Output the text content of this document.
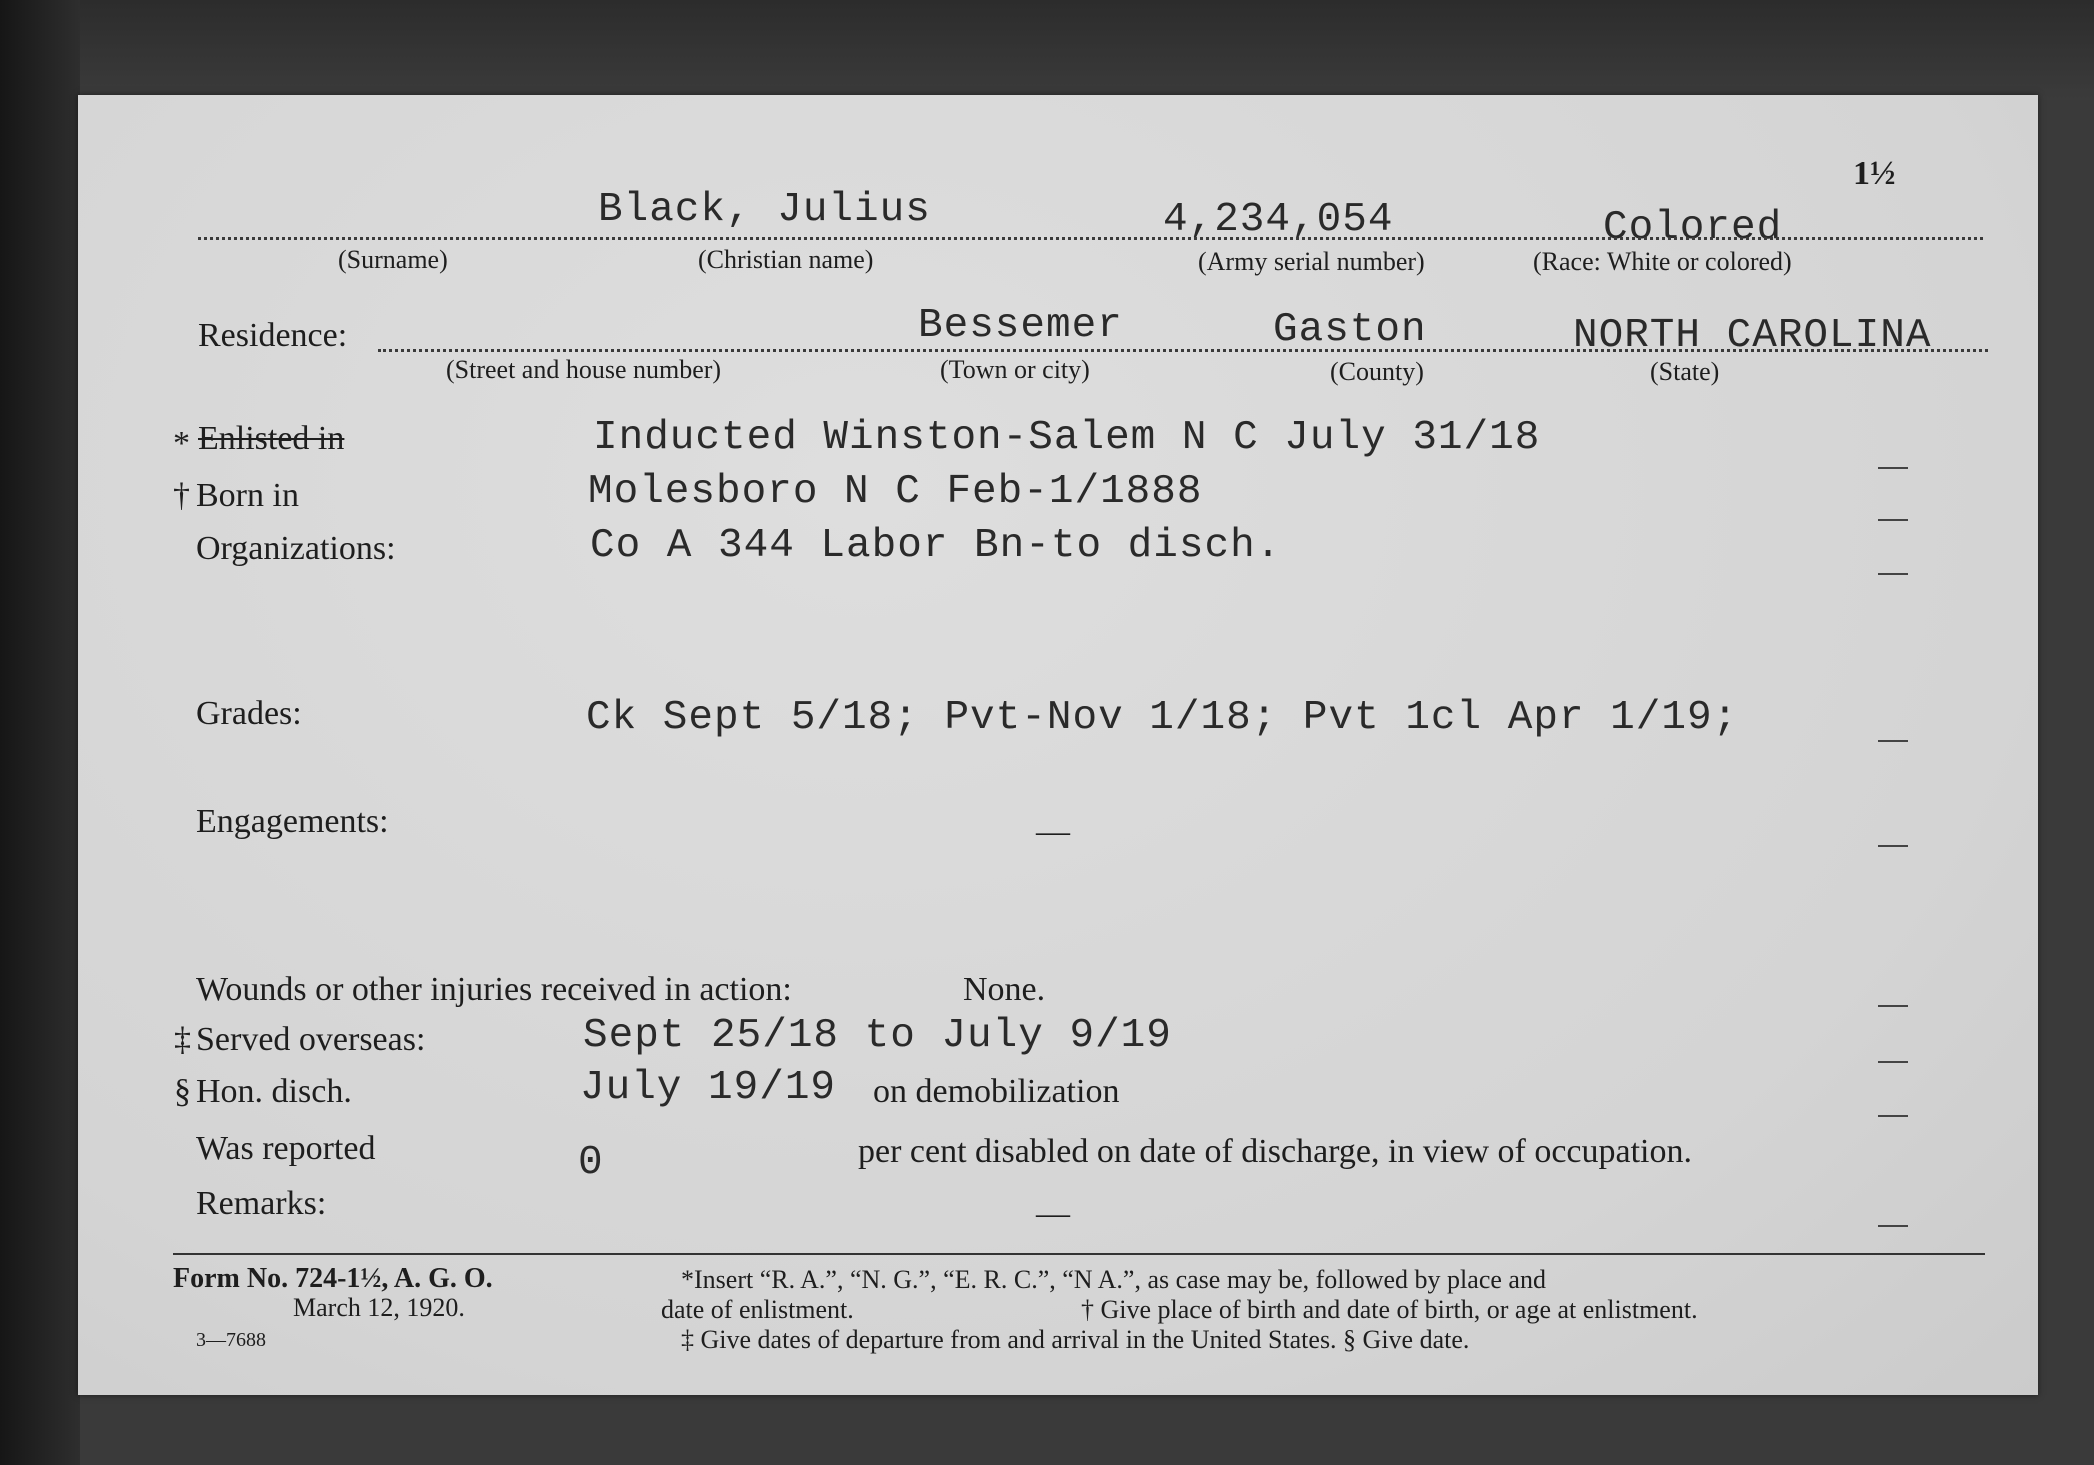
1½
Black, Julius	4,234,054	Colored
(Surname)	(Christian name)	(Army serial number)	(Race: White or colored)
Residence:	Bessemer	Gaston	NORTH CAROLINA
(Street and house number)	(Town or city)	(County)	(State)
* Enlisted in	Inducted Winston-Salem N C July 31/18
† Born in	Molesboro N C Feb-1/1888
Organizations:	Co A 344 Labor Bn-to disch.
Grades:	Ck Sept 5/18; Pvt-Nov 1/18; Pvt 1cl Apr 1/19;
Engagements:	—
Wounds or other injuries received in action:	None.
‡ Served overseas:	Sept 25/18 to July 9/19
§ Hon. disch.	July 19/19 on demobilization
Was reported	0	per cent disabled on date of discharge, in view of occupation.
Remarks:	—
Form No. 724-1½, A. G. O.
March 12, 1920.
3—7688
*Insert “R. A.”, “N. G.”, “E. R. C.”, “N A.”, as case may be, followed by place and
date of enlistment.	† Give place of birth and date of birth, or age at enlistment.
‡ Give dates of departure from and arrival in the United States. § Give date.
